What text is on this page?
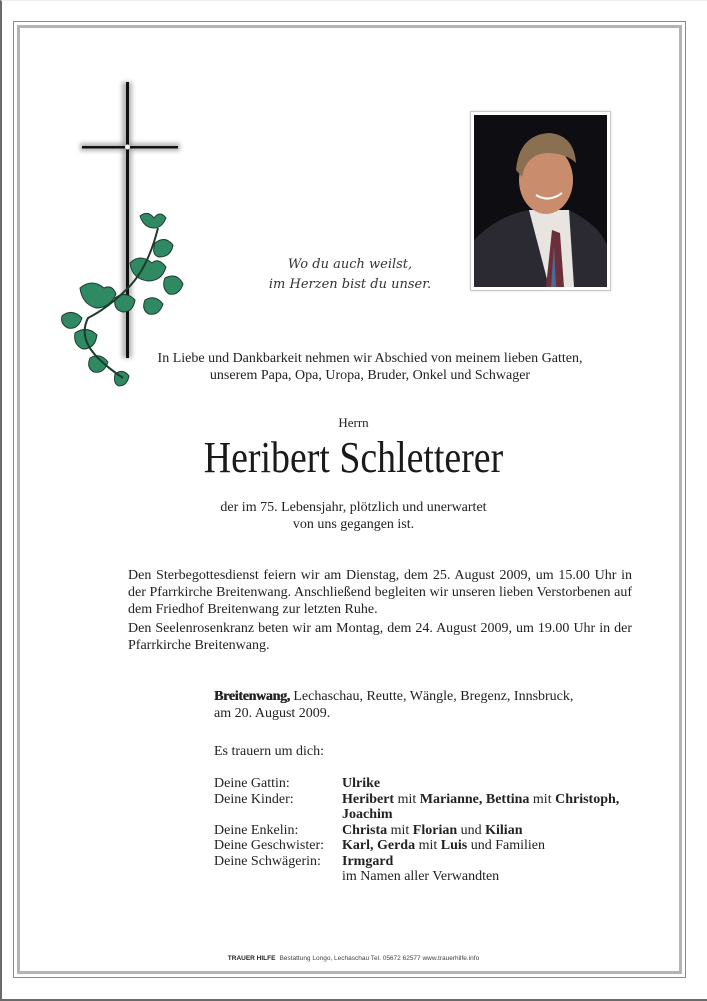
Wo du auch weilst,
im Herzen bist du unser.
In Liebe und Dankbarkeit nehmen wir Abschied von meinem lieben Gatten,
unserem Papa, Opa, Uropa, Bruder, Onkel und Schwager
Herrn
Heribert Schletterer
der im 75. Lebensjahr, plötzlich und unerwartet
von uns gegangen ist.

Den Sterbegottesdienst feiern wir am Dienstag, dem 25. August 2009, um 15.00 Uhr in der Pfarrkirche Breitenwang. Anschließend begleiten wir unseren lieben Verstorbenen auf dem Friedhof Breitenwang zur letzten Ruhe.

Den Seelenrosenkranz beten wir am Montag, dem 24. August 2009, um 19.00 Uhr in der Pfarrkirche Breitenwang.

Breitenwang, Lechaschau, Reutte, Wängle, Bregenz, Innsbruck,
am 20. August 2009.
Es trauern um dich:
Deine Gattin:	Ulrike
Deine Kinder:	Heribert mit Marianne, Bettina mit Christoph,
Joachim
Deine Enkelin:	Christa mit Florian und Kilian
Deine Geschwister:	Karl, Gerda mit Luis und Familien
Deine Schwägerin:	Irmgard
im Namen aller Verwandten
TRAUER HILFE Bestattung Longo, Lechaschau Tel. 05672 62577 www.trauerhilfe.info
